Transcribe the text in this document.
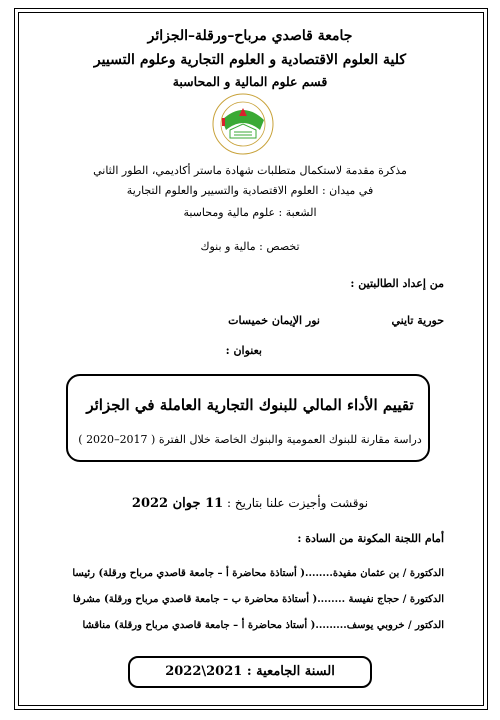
جامعة قاصدي مرباح–ورقلة–الجزائر
كلية العلوم الاقتصادية و العلوم التجارية وعلوم التسيير
قسم علوم المالية و المحاسبة
مذكرة مقدمة لاستكمال متطلبات شهادة ماستر أكاديمي، الطور الثاني
في ميدان : العلوم الاقتصادية والتسيير والعلوم التجارية
الشعبة : علوم مالية ومحاسبة
تخصص : مالية و بنوك
من إعداد الطالبتين :
حورية تايني
نور الإيمان خميسات
بعنوان :
تقييم الأداء المالي للبنوك التجارية العاملة في الجزائر
دراسة مقارنة للبنوك العمومية والبنوك الخاصة خلال الفترة ( 2017–2020 )
نوقشت وأجيزت علنا بتاريخ : 11 جوان 2022
أمام اللجنة المكونة من السادة :
الدكتورة / بن عثمان مفيدة........( أستاذة محاضرة أ – جامعة قاصدي مرباح ورقلة) رئيسا
الدكتورة / حجاج نفيسة ........( أستاذة محاضرة ب – جامعة قاصدي مرباح ورقلة) مشرفا
الدكتور / خروبي يوسف.........( أستاذ محاضرة أ – جامعة قاصدي مرباح ورقلة) مناقشا
السنة الجامعية : 2021\2022
